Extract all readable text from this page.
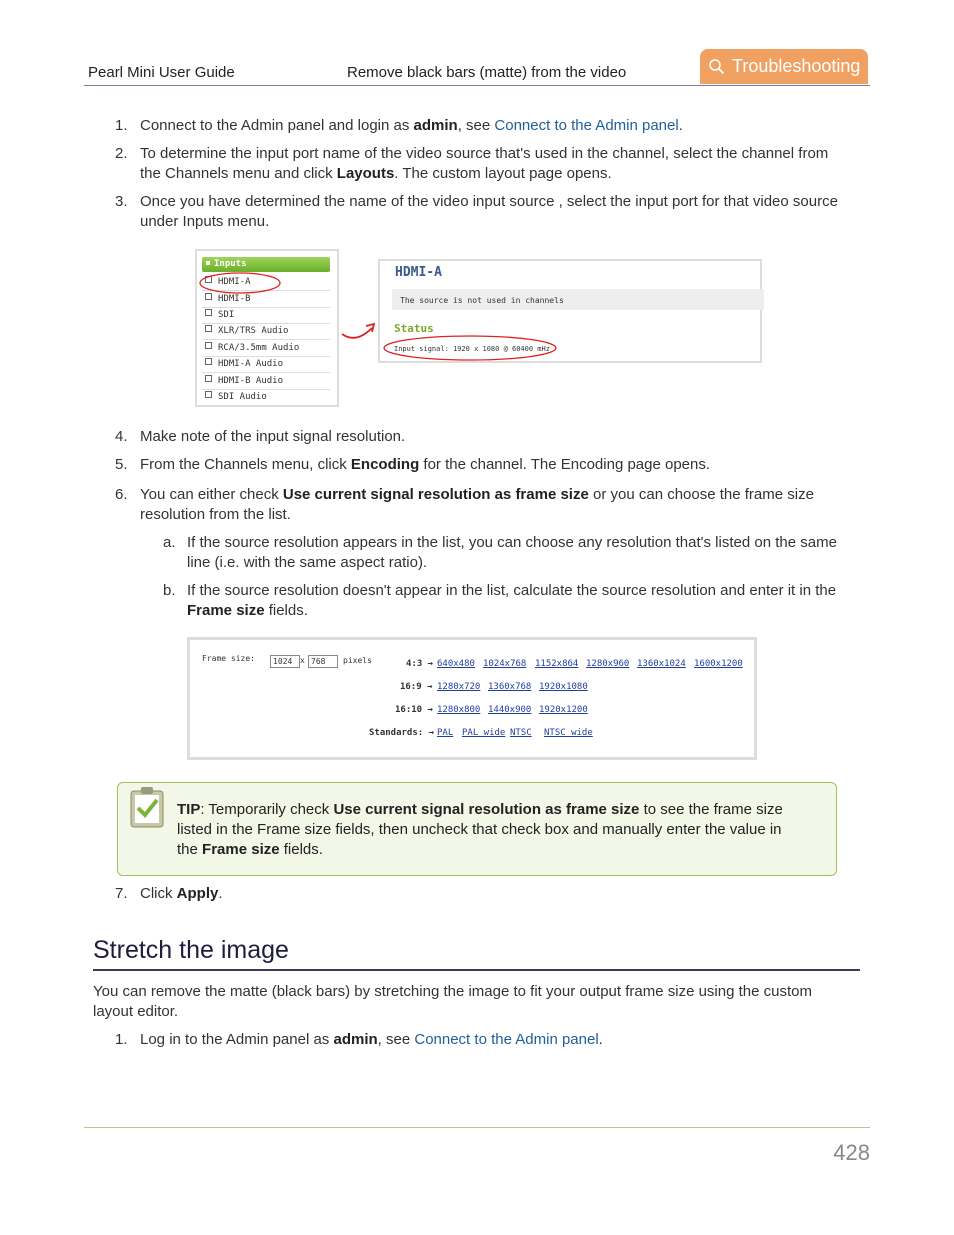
Pearl Mini User Guide	Remove black bars (matte) from the video	Troubleshooting
1. Connect to the Admin panel and login as admin, see Connect to the Admin panel.
2. To determine the input port name of the video source that's used in the channel, select the channel from
the Channels menu and click Layouts. The custom layout page opens.
3. Once you have determined the name of the video input source , select the input port for that video source
under Inputs menu.
Inputs
HDMI-A
HDMI-B
SDI
XLR/TRS Audio
RCA/3.5mm Audio
HDMI-A Audio
HDMI-B Audio
SDI Audio
HDMI-A
The source is not used in channels
Status
Input signal: 1920 x 1080 @ 60400 mHz
4. Make note of the input signal resolution.
5. From the Channels menu, click Encoding for the channel. The Encoding page opens.
6. You can either check Use current signal resolution as frame size or you can choose the frame size
resolution from the list.
a. If the source resolution appears in the list, you can choose any resolution that's listed on the same
line (i.e. with the same aspect ratio).
b. If the source resolution doesn't appear in the list, calculate the source resolution and enter it in the
Frame size fields.
Frame size:	1024 x 768	pixels	4:3 → 640x480 1024x768 1152x864 1280x960 1360x1024 1600x1200
16:9 → 1280x720 1360x768 1920x1080
16:10 → 1280x800 1440x900 1920x1200
Standards: → PAL PAL wide NTSC NTSC wide
TIP: Temporarily check Use current signal resolution as frame size to see the frame size
listed in the Frame size fields, then uncheck that check box and manually enter the value in
the Frame size fields.
7. Click Apply.
Stretch the image
You can remove the matte (black bars) by stretching the image to fit your output frame size using the custom
layout editor.
1. Log in to the Admin panel as admin, see Connect to the Admin panel.
428
